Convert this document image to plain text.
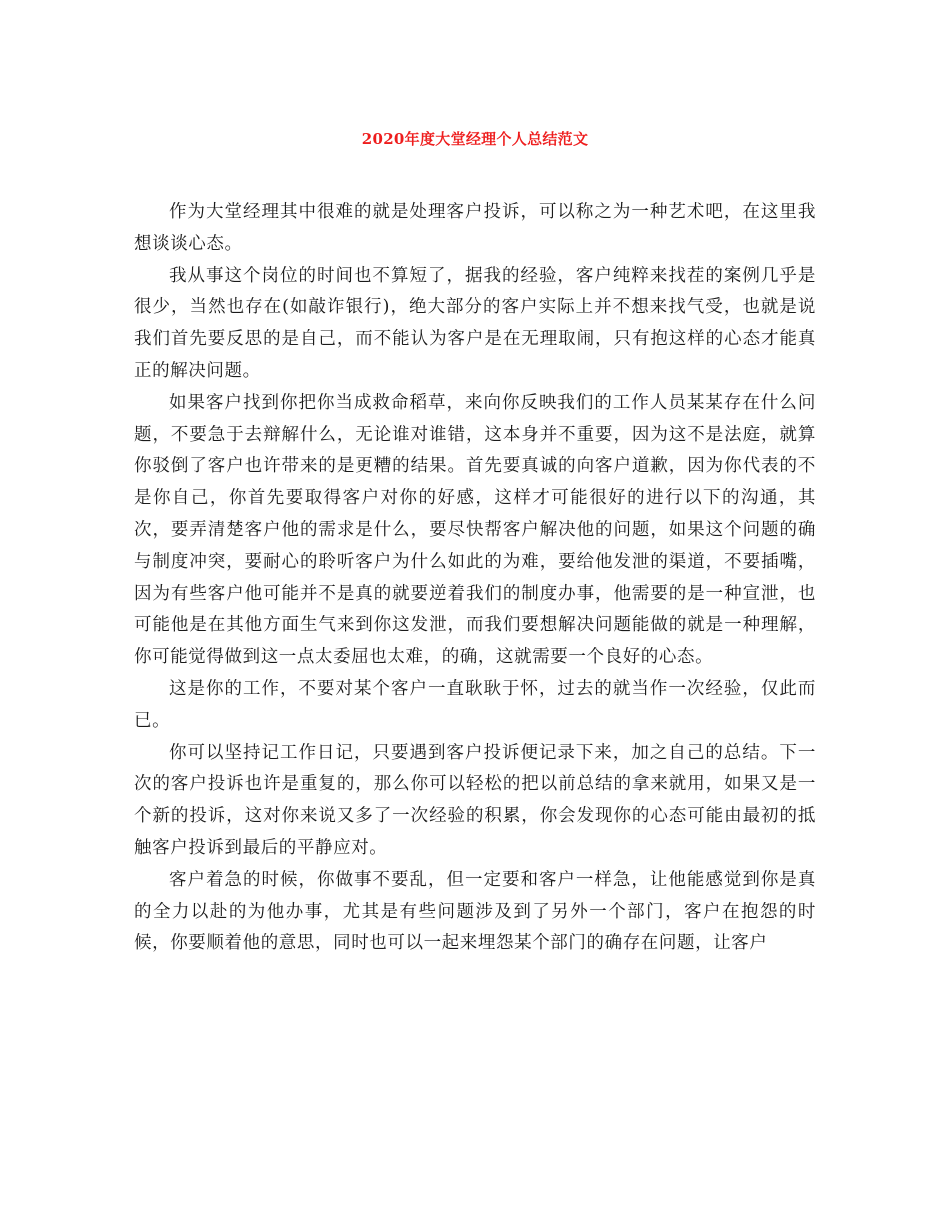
2020年度大堂经理个人总结范文

作为大堂经理其中很难的就是处理客户投诉，可以称之为一种艺术吧，在这里我想谈谈心态。

我从事这个岗位的时间也不算短了，据我的经验，客户纯粹来找茬的案例几乎是很少，当然也存在(如敲诈银行)，绝大部分的客户实际上并不想来找气受，也就是说我们首先要反思的是自己，而不能认为客户是在无理取闹，只有抱这样的心态才能真正的解决问题。

如果客户找到你把你当成救命稻草，来向你反映我们的工作人员某某存在什么问题，不要急于去辩解什么，无论谁对谁错，这本身并不重要，因为这不是法庭，就算你驳倒了客户也许带来的是更糟的结果。首先要真诚的向客户道歉，因为你代表的不是你自己，你首先要取得客户对你的好感，这样才可能很好的进行以下的沟通，其次，要弄清楚客户他的需求是什么，要尽快帮客户解决他的问题，如果这个问题的确与制度冲突，要耐心的聆听客户为什么如此的为难，要给他发泄的渠道，不要插嘴，因为有些客户他可能并不是真的就要逆着我们的制度办事，他需要的是一种宣泄，也可能他是在其他方面生气来到你这发泄，而我们要想解决问题能做的就是一种理解，你可能觉得做到这一点太委屈也太难，的确，这就需要一个良好的心态。

这是你的工作，不要对某个客户一直耿耿于怀，过去的就当作一次经验，仅此而已。

你可以坚持记工作日记，只要遇到客户投诉便记录下来，加之自己的总结。下一次的客户投诉也许是重复的，那么你可以轻松的把以前总结的拿来就用，如果又是一个新的投诉，这对你来说又多了一次经验的积累，你会发现你的心态可能由最初的抵触客户投诉到最后的平静应对。

客户着急的时候，你做事不要乱，但一定要和客户一样急，让他能感觉到你是真的全力以赴的为他办事，尤其是有些问题涉及到了另外一个部门，客户在抱怨的时候，你要顺着他的意思，同时也可以一起来埋怨某个部门的确存在问题，让客户
